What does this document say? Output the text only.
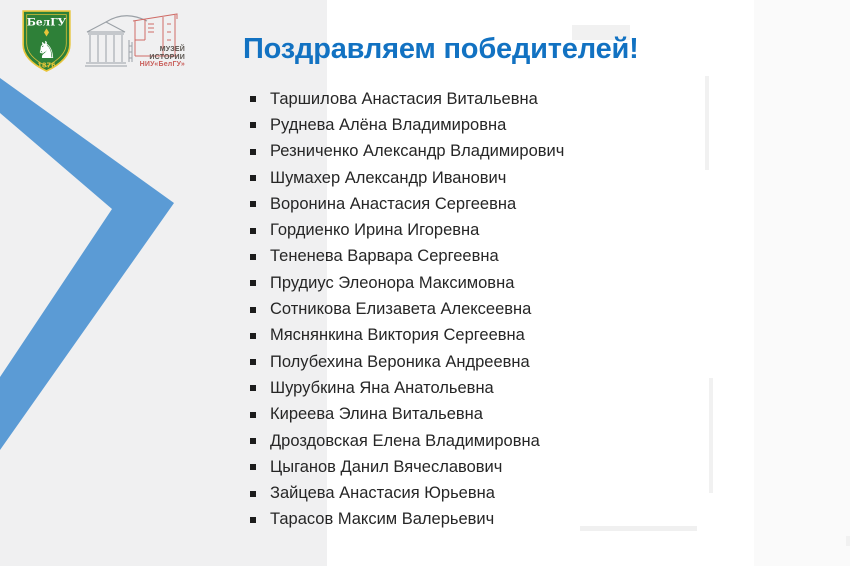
БелГУ
♞
1876
МУЗЕЙ
ИСТОРИИ
НИУ«БелГУ» Поздравляем победителей!
Таршилова Анастасия Витальевна
Руднева Алёна Владимировна
Резниченко Александр Владимирович
Шумахер Александр Иванович
Воронина Анастасия Сергеевна
Гордиенко Ирина Игоревна
Тененева Варвара Сергеевна
Прудиус Элеонора Максимовна
Сотникова Елизавета Алексеевна
Мяснянкина Виктория Сергеевна
Полубехина Вероника Андреевна
Шурубкина Яна Анатольевна
Киреева Элина Витальевна
Дроздовская Елена Владимировна
Цыганов Данил Вячеславович
Зайцева Анастасия Юрьевна
Тарасов Максим Валерьевич
